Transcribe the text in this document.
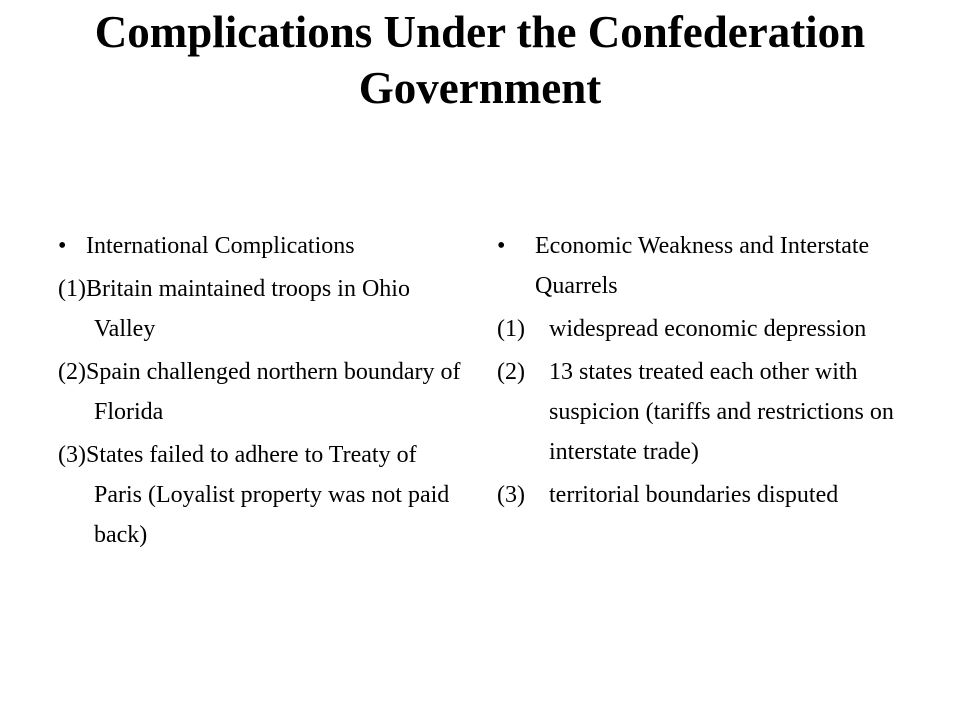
Complications Under the Confederation
Government
• International Complications
(1)Britain maintained troops in Ohio Valley
(2)Spain challenged northern boundary of Florida
(3)States failed to adhere to Treaty of Paris (Loyalist property was not paid back)
•	Economic Weakness and Interstate Quarrels
(1)	widespread economic depression
(2)	13 states treated each other with suspicion (tariffs and restrictions on interstate trade)
(3)	territorial boundaries disputed
